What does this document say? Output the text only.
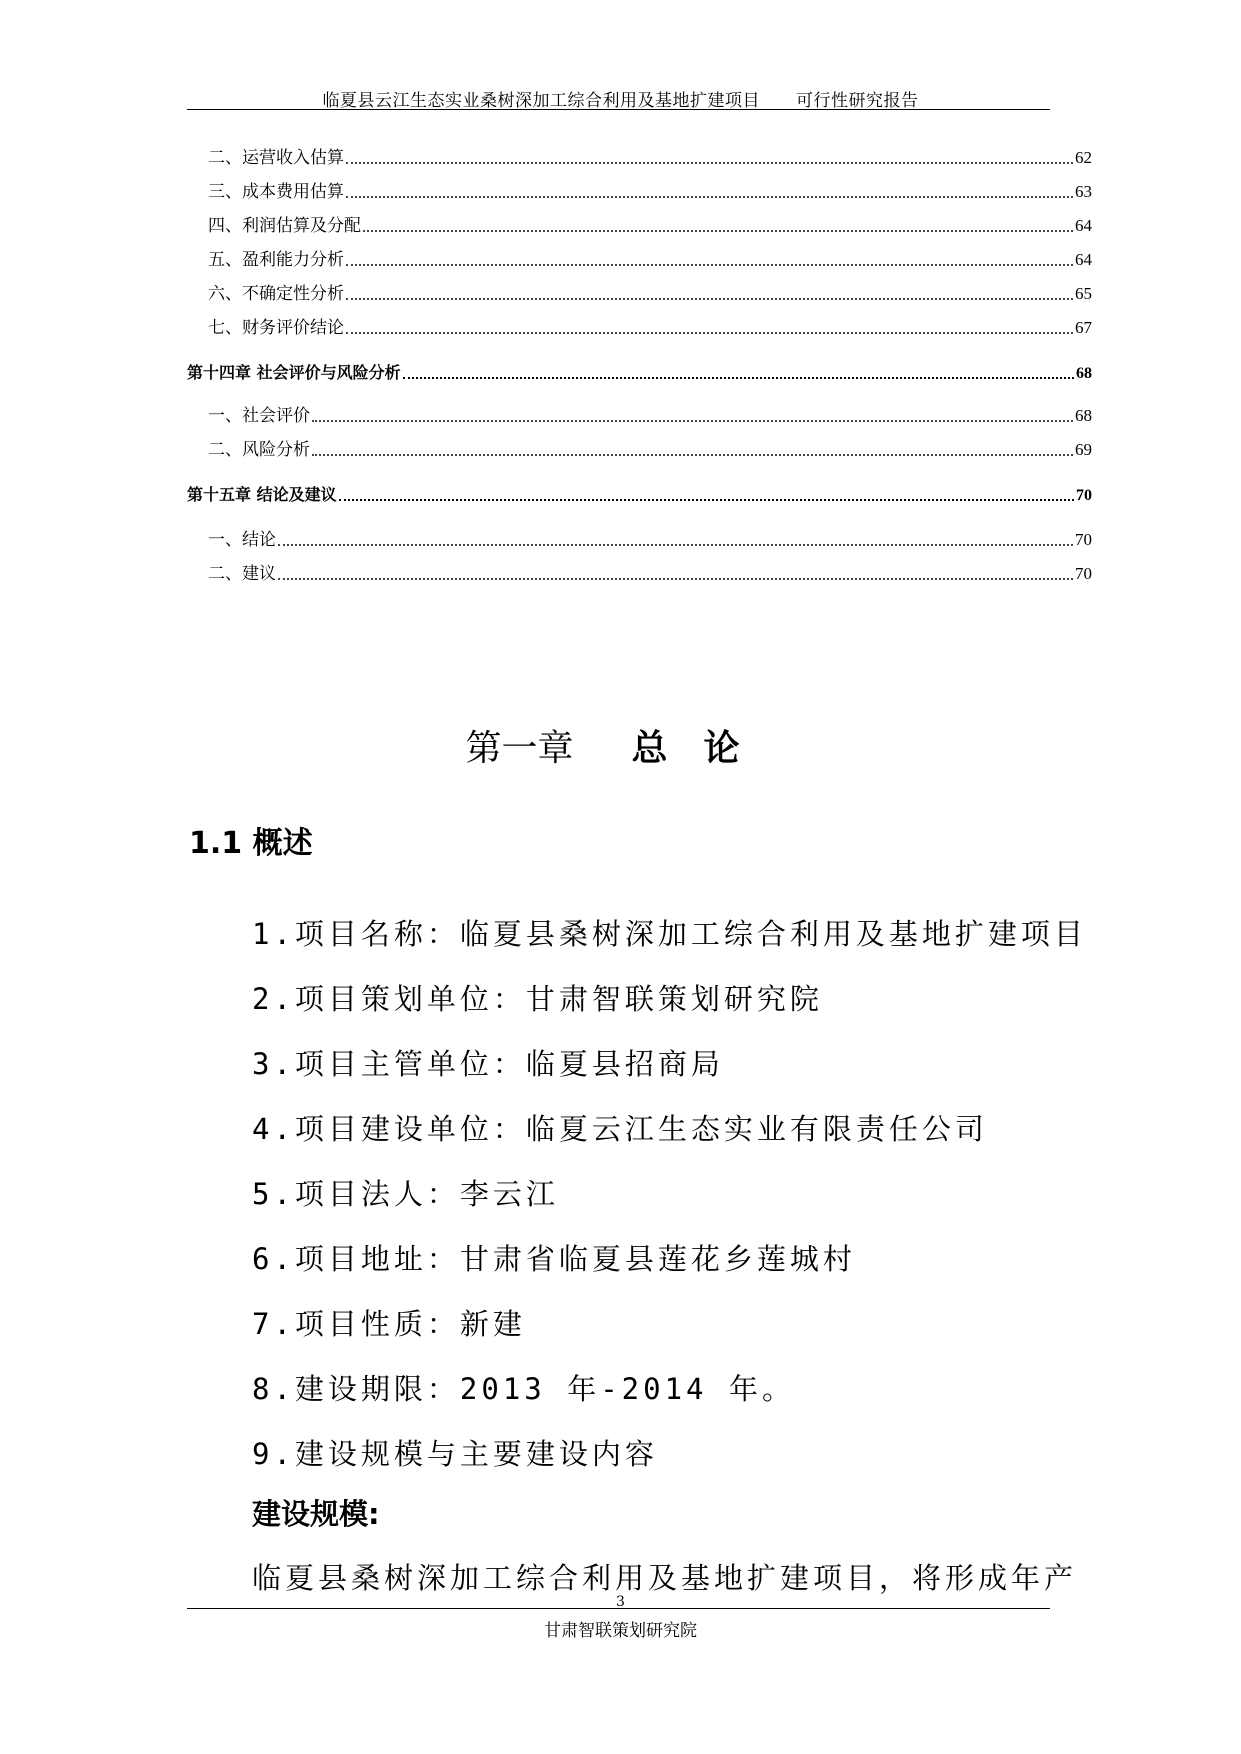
临夏县云江生态实业桑树深加工综合利用及基地扩建项目 可行性研究报告
二、运营收入估算	62
三、成本费用估算	63
四、利润估算及分配	64
五、盈利能力分析	64
六、不确定性分析	65
七、财务评价结论	67
第十四章 社会评价与风险分析	68
一、社会评价	68
二、风险分析	69
第十五章 结论及建议	70
一、结论	70
二、建议	70
第一章 总论
1.1 概述
1.项目名称：临夏县桑树深加工综合利用及基地扩建项目
2.项目策划单位：甘肃智联策划研究院
3.项目主管单位：临夏县招商局
4.项目建设单位：临夏云江生态实业有限责任公司
5.项目法人：李云江
6.项目地址：甘肃省临夏县莲花乡莲城村
7.项目性质：新建
8.建设期限：2013 年-2014 年。
9.建设规模与主要建设内容
建设规模:
临夏县桑树深加工综合利用及基地扩建项目，将形成年产
3
甘肃智联策划研究院
